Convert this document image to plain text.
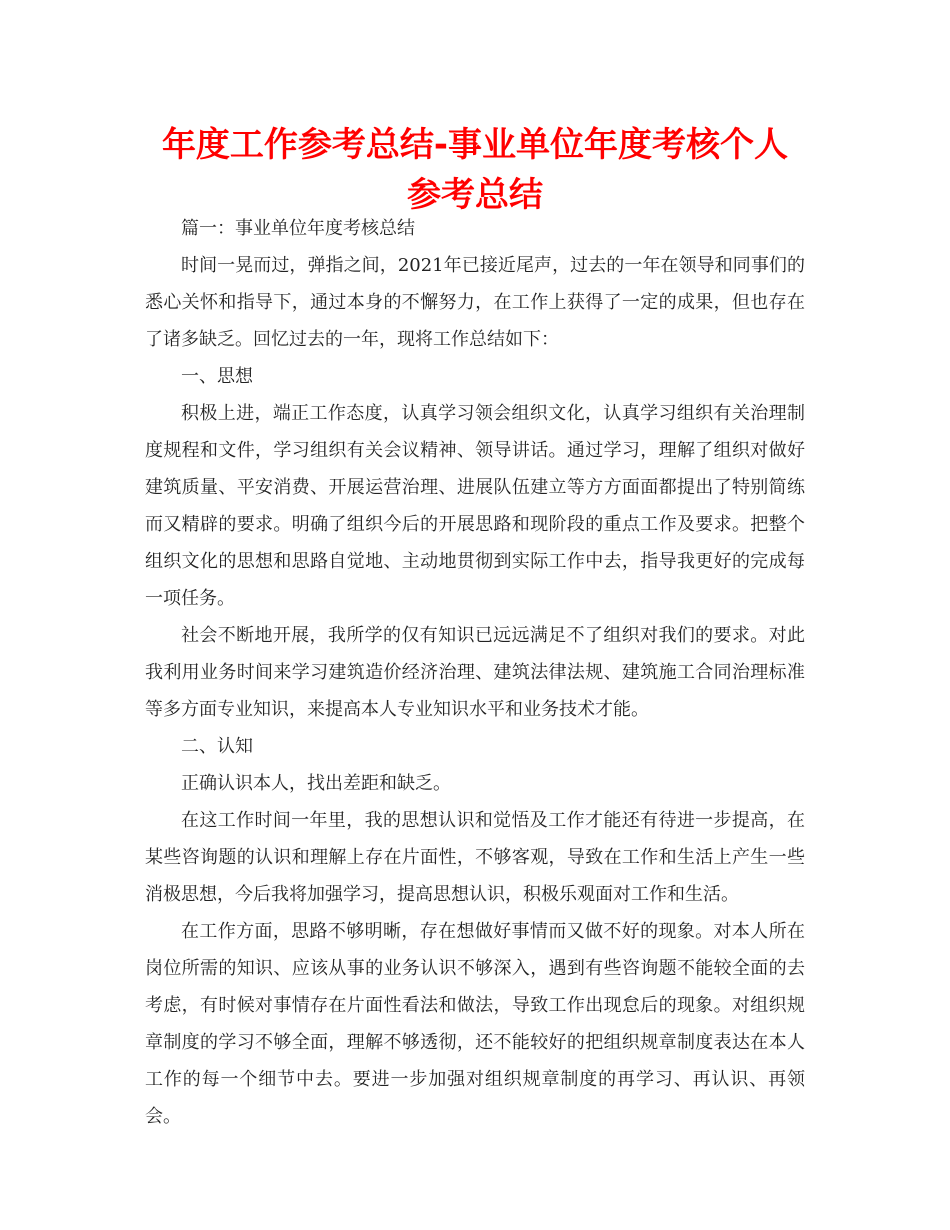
年度工作参考总结-事业单位年度考核个人参考总结

篇一：事业单位年度考核总结

时间一晃而过，弹指之间，2021年已接近尾声，过去的一年在领导和同事们的悉心关怀和指导下，通过本身的不懈努力，在工作上获得了一定的成果，但也存在了诸多缺乏。回忆过去的一年，现将工作总结如下：

一、思想

积极上进，端正工作态度，认真学习领会组织文化，认真学习组织有关治理制度规程和文件，学习组织有关会议精神、领导讲话。通过学习，理解了组织对做好建筑质量、平安消费、开展运营治理、进展队伍建立等方方面面都提出了特别简练而又精辟的要求。明确了组织今后的开展思路和现阶段的重点工作及要求。把整个组织文化的思想和思路自觉地、主动地贯彻到实际工作中去，指导我更好的完成每一项任务。

社会不断地开展，我所学的仅有知识已远远满足不了组织对我们的要求。对此我利用业务时间来学习建筑造价经济治理、建筑法律法规、建筑施工合同治理标准等多方面专业知识，来提高本人专业知识水平和业务技术才能。

二、认知

正确认识本人，找出差距和缺乏。

在这工作时间一年里，我的思想认识和觉悟及工作才能还有待进一步提高，在某些咨询题的认识和理解上存在片面性，不够客观，导致在工作和生活上产生一些消极思想，今后我将加强学习，提高思想认识，积极乐观面对工作和生活。

在工作方面，思路不够明晰，存在想做好事情而又做不好的现象。对本人所在岗位所需的知识、应该从事的业务认识不够深入，遇到有些咨询题不能较全面的去考虑，有时候对事情存在片面性看法和做法，导致工作出现怠后的现象。对组织规章制度的学习不够全面，理解不够透彻，还不能较好的把组织规章制度表达在本人工作的每一个细节中去。要进一步加强对组织规章制度的再学习、再认识、再领会。
